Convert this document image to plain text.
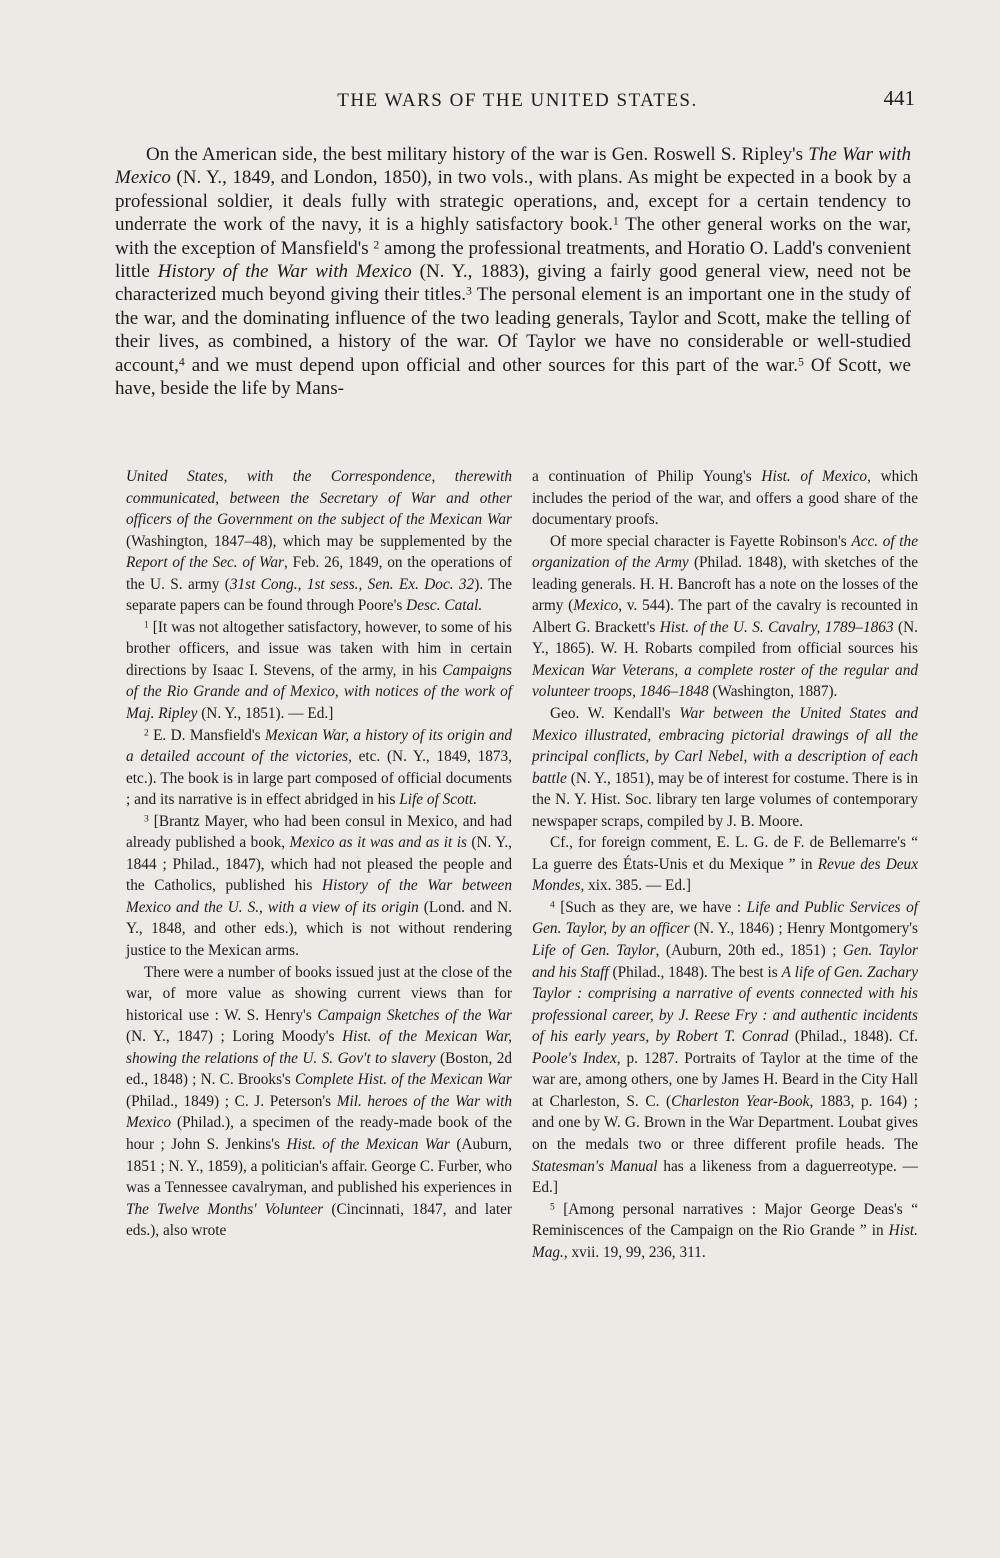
THE WARS OF THE UNITED STATES.	441

On the American side, the best military history of the war is Gen. Roswell S. Ripley's The War with Mexico (N. Y., 1849, and London, 1850), in two vols., with plans. As might be expected in a book by a professional soldier, it deals fully with strategic operations, and, except for a certain tendency to underrate the work of the navy, it is a highly satisfactory book.$^1$ The other general works on the war, with the exception of Mansfield's $^2$ among the professional treatments, and Horatio O. Ladd's convenient little History of the War with Mexico (N. Y., 1883), giving a fairly good general view, need not be characterized much beyond giving their titles.$^3$ The personal element is an important one in the study of the war, and the dominating influence of the two leading generals, Taylor and Scott, make the telling of their lives, as combined, a history of the war. Of Taylor we have no considerable or well-studied account,$^4$ and we must depend upon official and other sources for this part of the war.$^5$ Of Scott, we have, beside the life by Mans-

United States, with the Correspondence, therewith communicated, between the Secretary of War and other officers of the Government on the subject of the Mexican War (Washington, 1847–48), which may be supplemented by the Report of the Sec. of War, Feb. 26, 1849, on the operations of the U. S. army (31st Cong., 1st sess., Sen. Ex. Doc. 32). The separate papers can be found through Poore's Desc. Catal.

$^1$ [It was not altogether satisfactory, however, to some of his brother officers, and issue was taken with him in certain directions by Isaac I. Stevens, of the army, in his Campaigns of the Rio Grande and of Mexico, with notices of the work of Maj. Ripley (N. Y., 1851). — Ed.]

$^2$ E. D. Mansfield's Mexican War, a history of its origin and a detailed account of the victories, etc. (N. Y., 1849, 1873, etc.). The book is in large part composed of official documents ; and its narrative is in effect abridged in his Life of Scott.

$^3$ [Brantz Mayer, who had been consul in Mexico, and had already published a book, Mexico as it was and as it is (N. Y., 1844 ; Philad., 1847), which had not pleased the people and the Catholics, published his History of the War between Mexico and the U. S., with a view of its origin (Lond. and N. Y., 1848, and other eds.), which is not without rendering justice to the Mexican arms.

There were a number of books issued just at the close of the war, of more value as showing current views than for historical use : W. S. Henry's Campaign Sketches of the War (N. Y., 1847) ; Loring Moody's Hist. of the Mexican War, showing the relations of the U. S. Gov't to slavery (Boston, 2d ed., 1848) ; N. C. Brooks's Complete Hist. of the Mexican War (Philad., 1849) ; C. J. Peterson's Mil. heroes of the War with Mexico (Philad.), a specimen of the ready-made book of the hour ; John S. Jenkins's Hist. of the Mexican War (Auburn, 1851 ; N. Y., 1859), a politician's affair. George C. Furber, who was a Tennessee cavalryman, and published his experiences in The Twelve Months' Volunteer (Cincinnati, 1847, and later eds.), also wrote

a continuation of Philip Young's Hist. of Mexico, which includes the period of the war, and offers a good share of the documentary proofs.

Of more special character is Fayette Robinson's Acc. of the organization of the Army (Philad. 1848), with sketches of the leading generals. H. H. Bancroft has a note on the losses of the army (Mexico, v. 544). The part of the cavalry is recounted in Albert G. Brackett's Hist. of the U. S. Cavalry, 1789–1863 (N. Y., 1865). W. H. Robarts compiled from official sources his Mexican War Veterans, a complete roster of the regular and volunteer troops, 1846–1848 (Washington, 1887).

Geo. W. Kendall's War between the United States and Mexico illustrated, embracing pictorial drawings of all the principal conflicts, by Carl Nebel, with a description of each battle (N. Y., 1851), may be of interest for costume. There is in the N. Y. Hist. Soc. library ten large volumes of contemporary newspaper scraps, compiled by J. B. Moore.

Cf., for foreign comment, E. L. G. de F. de Bellemarre's “ La guerre des États-Unis et du Mexique ” in Revue des Deux Mondes, xix. 385. — Ed.]

$^4$ [Such as they are, we have : Life and Public Services of Gen. Taylor, by an officer (N. Y., 1846) ; Henry Montgomery's Life of Gen. Taylor, (Auburn, 20th ed., 1851) ; Gen. Taylor and his Staff (Philad., 1848). The best is A life of Gen. Zachary Taylor : comprising a narrative of events connected with his professional career, by J. Reese Fry : and authentic incidents of his early years, by Robert T. Conrad (Philad., 1848). Cf. Poole's Index, p. 1287. Portraits of Taylor at the time of the war are, among others, one by James H. Beard in the City Hall at Charleston, S. C. (Charleston Year-Book, 1883, p. 164) ; and one by W. G. Brown in the War Department. Loubat gives on the medals two or three different profile heads. The Statesman's Manual has a likeness from a daguerreotype. — Ed.]

$^5$ [Among personal narratives : Major George Deas's “ Reminiscences of the Campaign on the Rio Grande ” in Hist. Mag., xvii. 19, 99, 236, 311.
